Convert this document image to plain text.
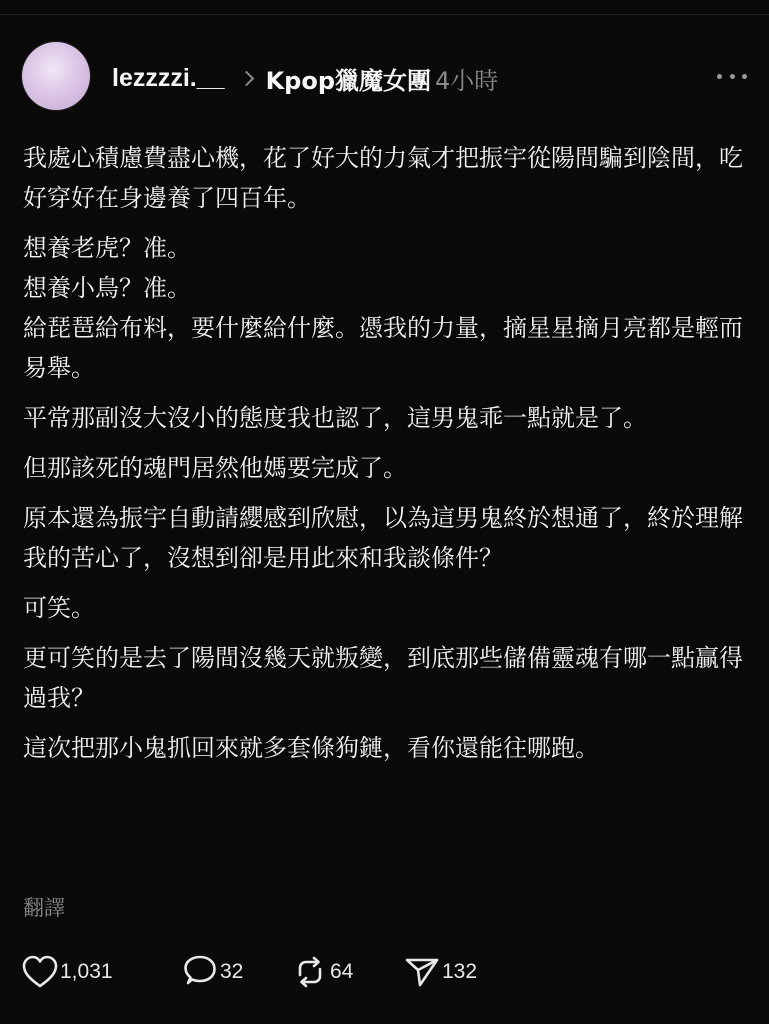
lezzzzi.__ Kpop獵魔女團 4小時

我處心積慮費盡心機，花了好大的力氣才把振宇從陽間騙到陰間，吃好穿好在身邊養了四百年。

想養老虎？准。
想養小鳥？准。
給琵琶給布料，要什麼給什麼。憑我的力量，摘星星摘月亮都是輕而易舉。

平常那副沒大沒小的態度我也認了，這男鬼乖一點就是了。

但那該死的魂門居然他媽要完成了。

原本還為振宇自動請纓感到欣慰，以為這男鬼終於想通了，終於理解我的苦心了，沒想到卻是用此來和我談條件？

可笑。

更可笑的是去了陽間沒幾天就叛變，到底那些儲備靈魂有哪一點贏得過我？

這次把那小鬼抓回來就多套條狗鏈，看你還能往哪跑。

翻譯
1,031	32	64	132
